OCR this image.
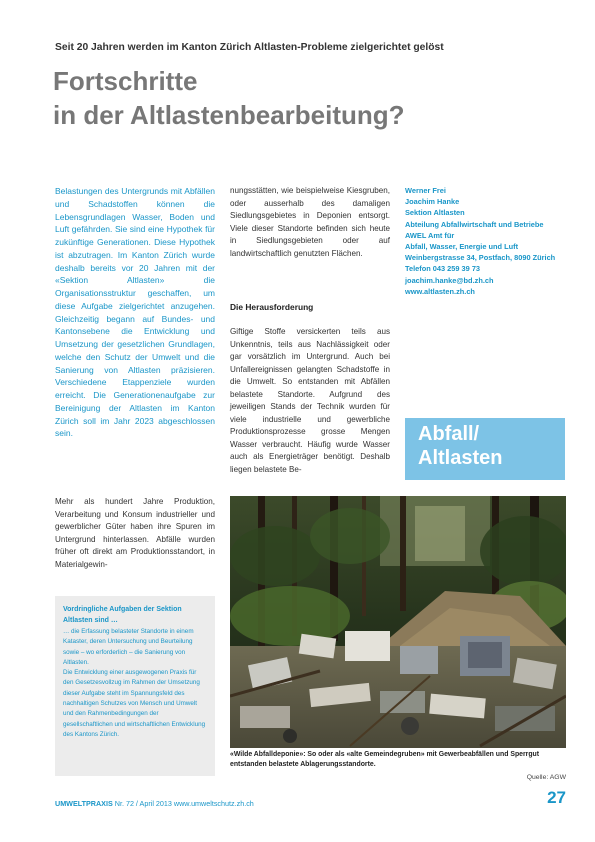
Seit 20 Jahren werden im Kanton Zürich Altlasten-Probleme zielgerichtet gelöst
Fortschritte
in der Altlastenbearbeitung?
Belastungen des Untergrunds mit Abfällen und Schadstoffen können die Lebensgrundlagen Wasser, Boden und Luft gefährden. Sie sind eine Hypothek für zukünftige Generationen. Diese Hypothek ist abzutragen. Im Kanton Zürich wurde deshalb bereits vor 20 Jahren mit der «Sektion Altlasten» die Organisationsstruktur geschaffen, um diese Aufgabe zielgerichtet anzugehen. Gleichzeitig begann auf Bundes- und Kantonsebene die Entwicklung und Umsetzung der gesetzlichen Grundlagen, welche den Schutz der Umwelt und die Sanierung von Altlasten präzisieren. Verschiedene Etappenziele wurden erreicht. Die Generationenaufgabe zur Bereinigung der Altlasten im Kanton Zürich soll im Jahr 2023 abgeschlossen sein.
Mehr als hundert Jahre Produktion, Verarbeitung und Konsum industrieller und gewerblicher Güter haben ihre Spuren im Untergrund hinterlassen. Abfälle wurden früher oft direkt am Produktionsstandort, in Materialgewin-
nungsstätten, wie beispielweise Kiesgruben, oder ausserhalb des damaligen Siedlungsgebietes in Deponien entsorgt. Viele dieser Standorte befinden sich heute in Siedlungsgebieten oder auf landwirtschaftlich genutzten Flächen.
Die Herausforderung
Giftige Stoffe versickerten teils aus Unkenntnis, teils aus Nachlässigkeit oder gar vorsätzlich im Untergrund. Auch bei Unfallereignissen gelangten Schadstoffe in die Umwelt. So entstanden mit Abfällen belastete Standorte. Aufgrund des jeweiligen Stands der Technik wurden für viele industrielle und gewerbliche Produktionsprozesse grosse Mengen Wasser verbraucht. Häufig wurde Wasser auch als Energieträger benötigt. Deshalb liegen belastete Be-
Werner Frei
Joachim Hanke
Sektion Altlasten
Abteilung Abfallwirtschaft und Betriebe
AWEL Amt für
Abfall, Wasser, Energie und Luft
Weinbergstrasse 34, Postfach, 8090 Zürich
Telefon 043 259 39 73
joachim.hanke@bd.zh.ch
www.altlasten.zh.ch
Abfall/
Altlasten
Vordringliche Aufgaben der Sektion Altlasten sind …

… die Erfassung belasteter Standorte in einem Kataster, deren Untersuchung und Beurteilung sowie – wo erforderlich – die Sanierung von Altlasten.

Die Entwicklung einer ausgewogenen Praxis für den Gesetzesvollzug im Rahmen der Umsetzung dieser Aufgabe steht im Spannungsfeld des nachhaltigen Schutzes von Mensch und Umwelt und den Rahmenbedingungen der gesellschaftlichen und wirtschaftlichen Entwicklung des Kantons Zürich.

«Wilde Abfalldeponie»: So oder als «alte Gemeindegruben» mit Gewerbeabfällen und Sperrgut entstanden belastete Ablagerungsstandorte.
Quelle: AGW
UMWELTPRAXIS Nr. 72 / April 2013 www.umweltschutz.zh.ch	27
